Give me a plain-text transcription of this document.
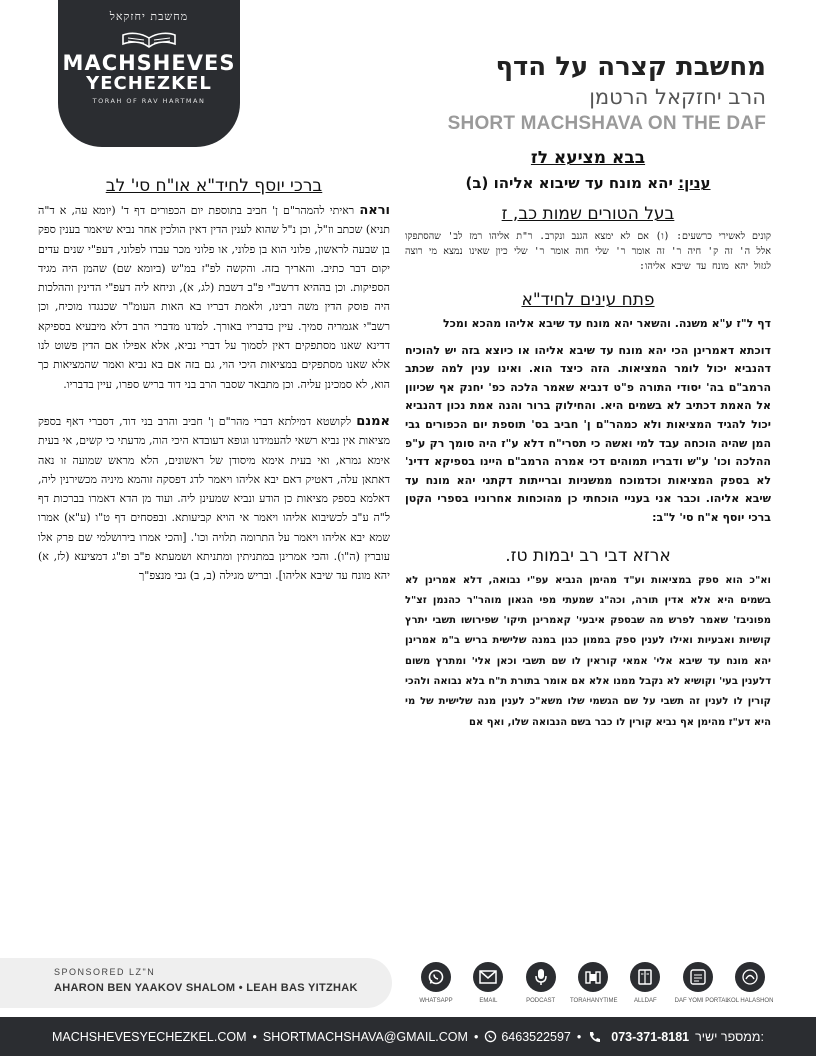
מחשבת יחזקאל
MACHSHEVES
YECHEZKEL
TORAH OF RAV HARTMAN
מחשבת קצרה על הדף
הרב יחזקאל הרטמן
SHORT MACHSHAVA ON THE DAF
בבא מציעא לז
ענין: יהא מונח עד שיבוא אליהו (ב)
בעל הטורים שמות כב, ז
קונים לאשירי כרשעים: (ו) אם לא ימצא הגנב ונקרב. ר"ת אליהו רמז לב' שהסתפקו אלל ה' זה ק' חיה ר' זה אומר ר' שלי חוה אומר ר' שלי כיון שאינו נמצא מי רוצה לגזול יהא מונח עד שיבא אליהו:
פתח עינים לחיד"א
דף ל"ז ע"א משנה. והשאר יהא מונח עד שיבא אליהו מהכא ומכל
דוכתא דאמרינן הכי יהא מונח עד שיבא אליהו או כיוצא בזה יש להוכיח דהנביא יכול לומר המציאות. הזה כיצד הוא. ואינו ענין למה שכתב הרמב"ם בה' יסודי התורה פ"ט דנביא שאמר הלכה כפ' יחנק אף שכיוון אל האמת דכתיב לא בשמים היא. והחילוק ברור והנה אמת נכון דהנביא יכול להגיד המציאות ולא כמהר"ם ן' חביב בס' תוספת יום הכפורים גבי המן שהיה הוכחה עבד למי ואשה כי תסרי"ח דלא ע"ז היה סומך רק ע"פ ההלכה וכו' ע"ש ודבריו תמוהים דכי אמרה הרמב"ם היינו בספיקא דדינ' לא בספק המציאות וכדמוכח ממשניות וברייתות דקתני יהא מונח עד שיבא אליהו. וכבר אני בעניי הוכחתי כן מהוכחות אחרוניו בספרי הקטן ברכי יוסף א"ח סי' ל"ב:
ארזא דבי רב יבמות טז.
וא"כ הוא ספק במציאות וע"ד מהימן הנביא עפ"י נבואה, דלא אמרינן לא בשמים היא אלא אדין תורה, וכה"ג שמעתי מפי הגאון מוהר"ר כהנמן זצ"ל מפוניבז' שאמר לפרש מה שבספק איבעי' קאמרינן תיקו' שפירושו תשבי יתרץ קושיות ואבעיות ואילו לענין ספק בממון כגון במנה שלישית בריש ב"מ אמרינן יהא מונח עד שיבא אלי' אמאי קוראין לו שם תשבי וכאן אלי' ומתרץ משום דלענין בעי' וקושיא לא נקבל ממנו אלא אם אומר בתורת ת"ח בלא נבואה ולהכי קורין לו לענין זה תשבי על שם הגשמי שלו משא"כ לענין מנה שלישית של מי היא דע"ז מהימן אף נביא קורין לו כבר בשם הנבואה שלו, ואף אם
ברכי יוסף לחיד"א או"ח סי' לב
וראה ראיתי להמהר"ם ן' חביב בתוספת יום הכפורים דף ד' (יומא עה, א ד"ה תניא) שכתב וז"ל, וכן נ"ל שהוא לענין הדין דאין הולכין אחר נביא שיאמר בענין ספק בן שבעה לראשון, פלוני הוא בן פלוני, או פלוני מכר עבדו לפלוני, דעפ"י שנים עדים יקום דבר כתיב. והאריך בזה. והקשה לפ"ז במ"ש (ביומא שם) שהמן היה מגיד הספיקות. וכן בההיא דרשב"י פ"ב דשבת (לג, א), וניחא ליה דעפ"י הדינין וההלכות היה פוסק הדין משה רבינו, ולאמת דבריו בא האות העומ"ר שכנגדו מוכיח, וכן רשב"י אגמריה סמיך. עיין בדבריו באורך. למדנו מדברי הרב דלא מיבעיא בספיקא דדינא שאנו מסתפקים דאין לסמוך על דברי נביא, אלא אפילו אם הדין פשוט לנו אלא שאנו מסתפקים במציאות היכי הוי, גם בזה אם בא נביא ואמר שהמציאות כך הוא, לא סמכינן עליה. וכן מתבאר שסבר הרב בני דוד בריש ספרו, עיין בדבריו.
אמנם לקושטא דמילתא דברי מהר"ם ן' חביב והרב בני דוד, דסברי דאף בספק מציאות אין נביא רשאי להעמידנו וגופא דעובדא היכי הוה, מדעתי כי קשים, אי בעית אימא גמרא, ואי בעית אימא מיסודן של ראשונים, הלא מראש שמועה זו נאה דאתאן עלה, דאטיק דאם יבא אליהו ויאמר לדג דפסקה זוהמא מיניה מכשירנין ליה, דאלמא בספק מציאות כן הודע ונביא שמעינן ליה. ועוד מן הדא דאמרו בברכות דף ל"ה ע"ב לכשיבוא אליהו ויאמר אי הויא קביעותא. ובפסחים דף ט"ו (ע"א) אמרו שמא יבא אליהו ויאמר על התרומה תלויה וכו'. [והכי אמרו בירושלמי שם פרק אלו עוברין (ה"ו). והכי אמרינן במתניתין ומתניתא ושמעתא פ"ב ופ"ג דמציעא (לז, א) יהא מונח עד שיבא אליהו]. ובריש מגילה (ב, ב) גבי מנצפ"ך
SPONSORED LZ"N
AHARON BEN YAAKOV SHALOM • LEAH BAS YITZHAK
WHATSAPP	EMAIL	PODCAST	TORAHANYTIME	ALLDAF	DAF YOMI PORTAL
KOL HALASHON
MACHSHEVESYECHEZKEL.COM • SHORTMACHSHAVA@GMAIL.COM • 6463522597 • 073-371-8181 :ממספר ישיר
